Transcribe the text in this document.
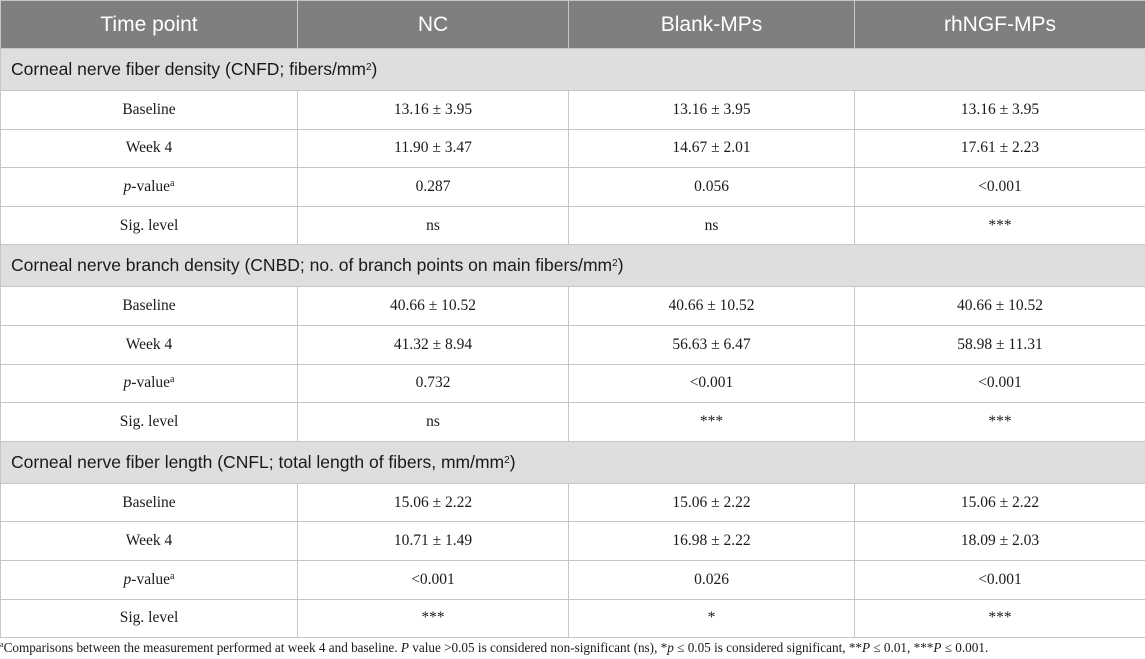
Time point	NC	Blank-MPs	rhNGF-MPs
Corneal nerve fiber density (CNFD; fibers/$mm^2$)			
Baseline	13.16 ± 3.95	13.16 ± 3.95	13.16 ± 3.95
Week 4	11.90 ± 3.47	14.67 ± 2.01	17.61 ± 2.23
p-value$^a$	0.287	0.056	<0.001
Sig. level	ns	ns	***
Corneal nerve branch density (CNBD; no. of branch points on main fibers/$mm^2$)			
Baseline	40.66 ± 10.52	40.66 ± 10.52	40.66 ± 10.52
Week 4	41.32 ± 8.94	56.63 ± 6.47	58.98 ± 11.31
p-value$^a$	0.732	<0.001	<0.001
Sig. level	ns	***	***
Corneal nerve fiber length (CNFL; total length of fibers, $mm/mm^2$)			
Baseline	15.06 ± 2.22	15.06 ± 2.22	15.06 ± 2.22
Week 4	10.71 ± 1.49	16.98 ± 2.22	18.09 ± 2.03
p-value$^a$	<0.001	0.026	<0.001
Sig. level	***	*	***
$^a$Comparisons between the measurement performed at week 4 and baseline. P value >0.05 is considered non-significant (ns), *p ≤ 0.05 is considered significant, **P ≤ 0.01, ***P ≤ 0.001.
